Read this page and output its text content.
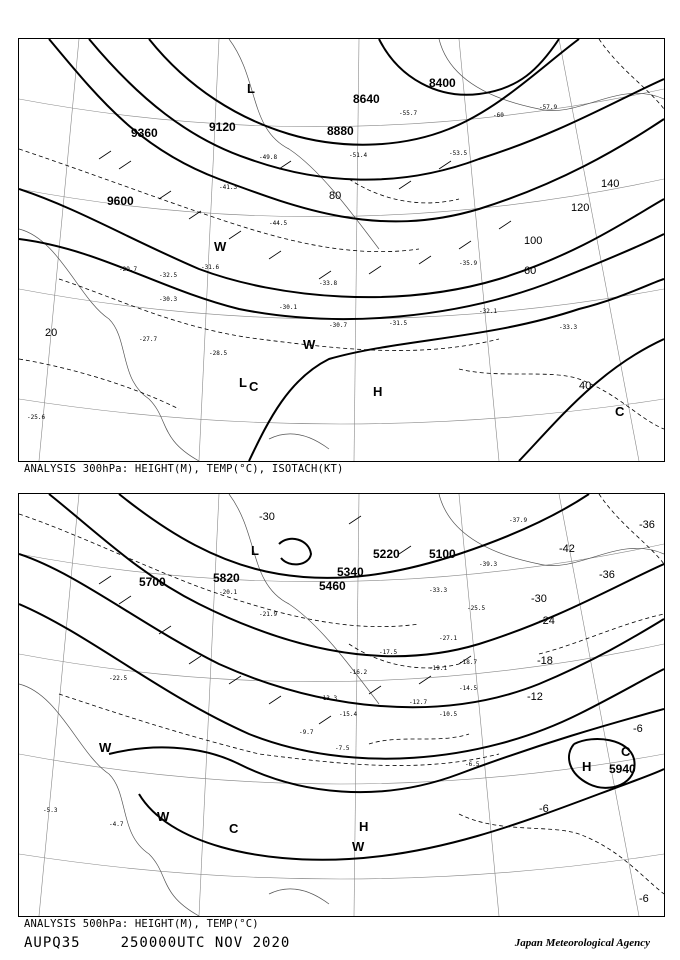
9360	9120	8880
8640
8400
9600
20
40
60
80
100
120
140
-29.7
-30.3
-31.6
-32.5
-33.8
-35.9
-41.3
-44.5
-49.8	-51.4	-53.5
-55.7
-57.9
-60
-28.5
-31.5
-33.3
-32.1
-30.7
-25.6
-27.7
-30.1
L
L C	H
C
W
W
ANALYSIS 300hPa: HEIGHT(M), TEMP(°C), ISOTACH(KT)
5700	5460
5340
5220 5100
5940
5820
-30
-36
-30
-24
-18
-12
-6
-6
-6
-42
-36
-21.9
-27.1
-18.7
-14.5
-10.5
-7.5
-6.5
-5.3
-4.7
-22.5
-25.5
-37.9
-39.3
-33.3
-20.1
-17.5
-16.2
-12.7
-19.1
-13.3
-15.4
-9.7
L
H
H
C
C
W
W
W
ANALYSIS 500hPa: HEIGHT(M), TEMP(°C)
AUPQ35	250000UTC NOV 2020	Japan Meteorological Agency
